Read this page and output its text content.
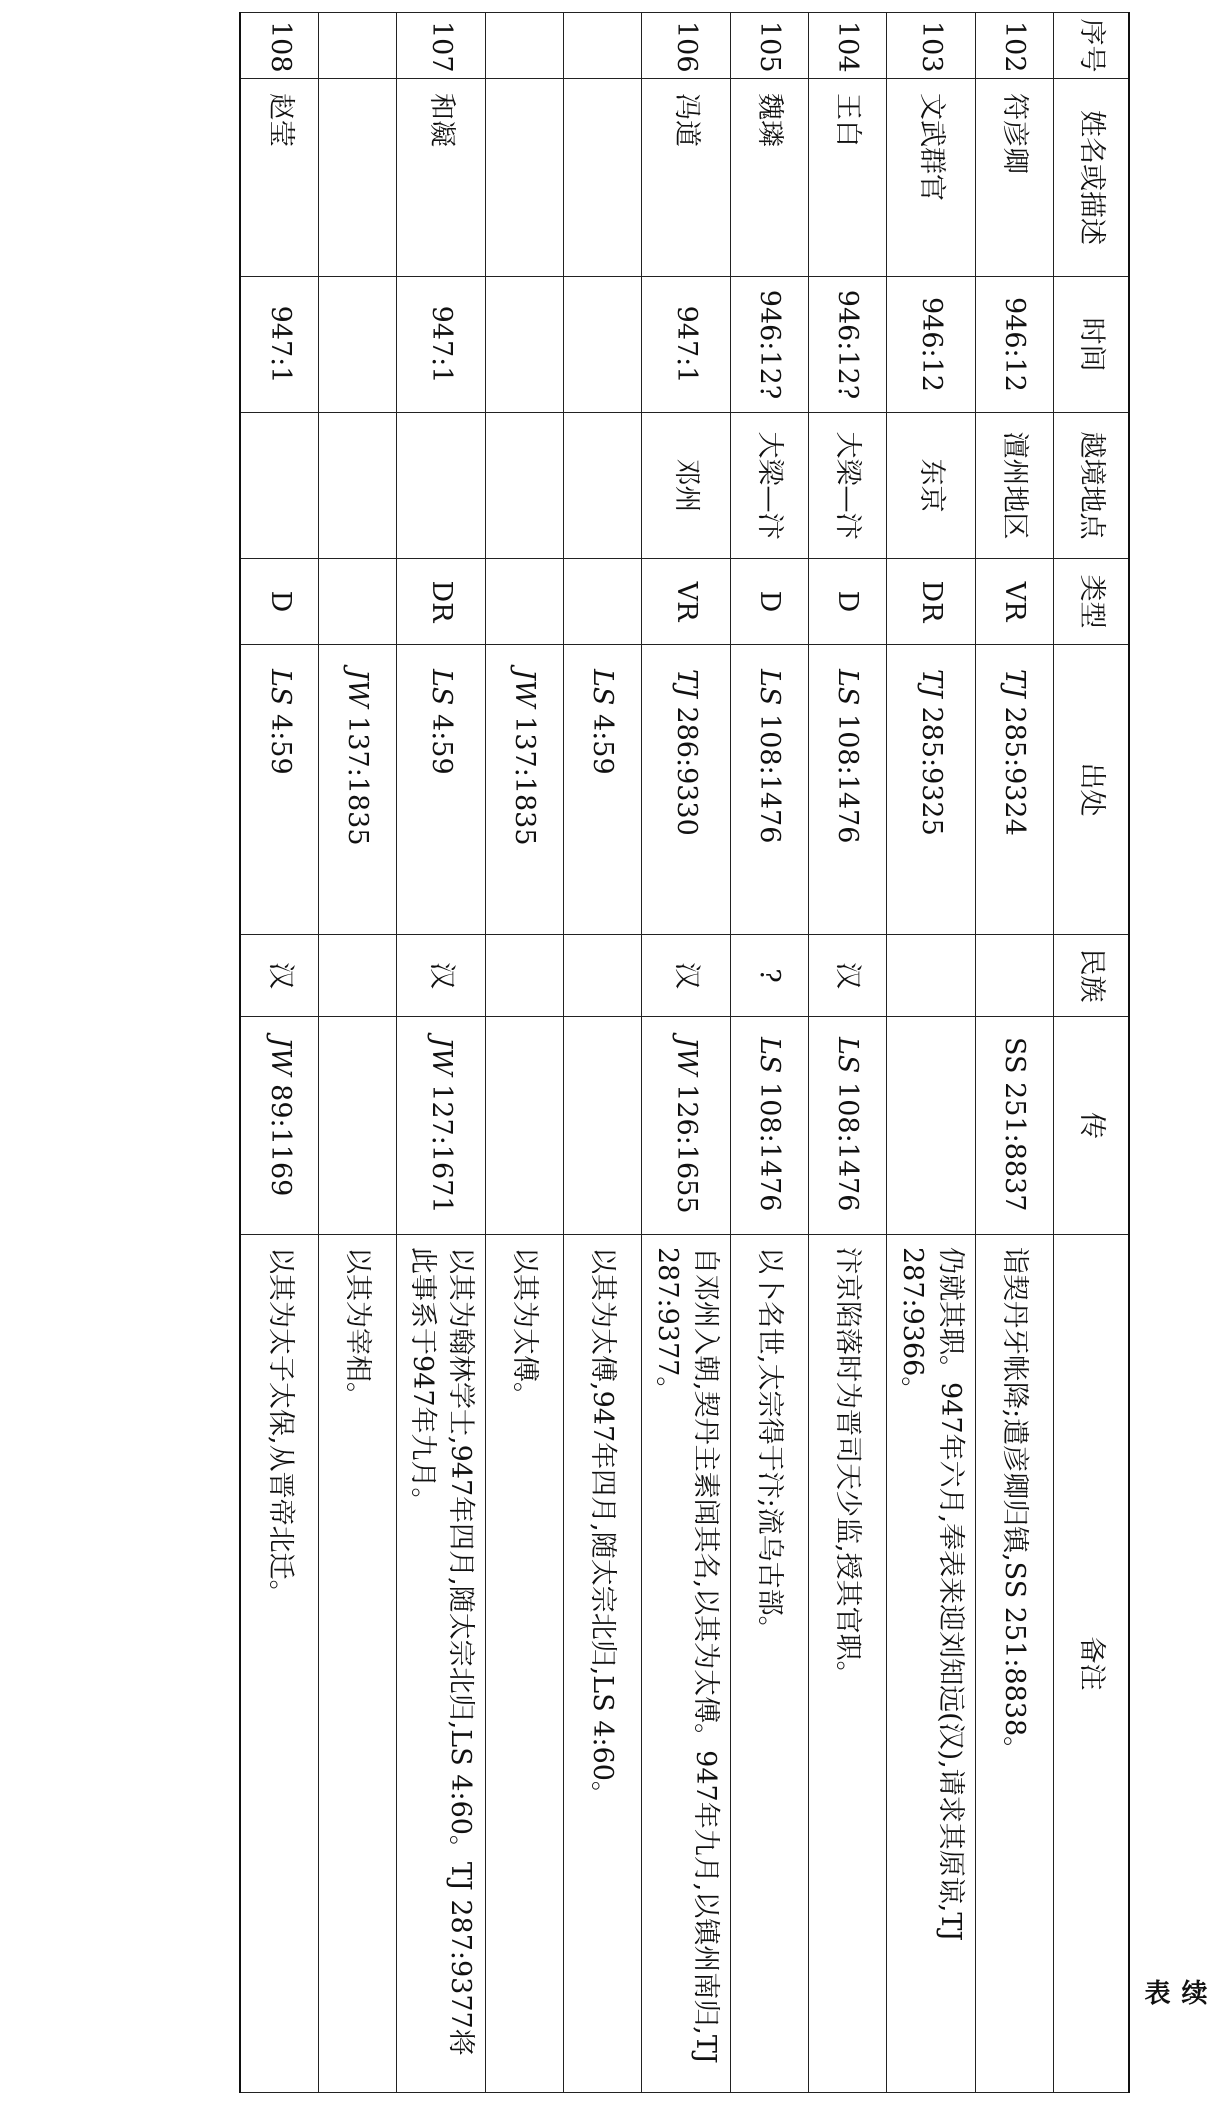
续　表
序号	姓名或描述	时间	越境地点	类型	出处	民族	传	备注
102	符彦卿	946:12	澶州地区	VR	TJ 285:9324		SS 251:8837	诣契丹牙帐降;遣彦卿归镇,SS 251:8838。
103	文武群官	946:12	东京	DR	TJ 285:9325			仍就其职。947年六月,奉表来迎刘知远(汉),请求其原谅,TJ 287:9366。
104	王白	946:12?	大梁—汴	D	LS 108:1476	汉	LS 108:1476	汴京陷落时为晋司天少监,授其官职。
105	魏璘	946:12?	大梁—汴	D	LS 108:1476	?	LS 108:1476	以卜名世,太宗得于汴;流乌古部。
106	冯道	947:1	邓州	VR	TJ 286:9330	汉	JW 126:1655	自邓州入朝,契丹主素闻其名,以其为太傅。947年九月,以镇州南归,TJ 287:9377。
					LS 4:59			以其为太傅,947年四月,随太宗北归,LS 4:60。
					JW 137:1835			以其为太傅。
107	和凝	947:1		DR	LS 4:59	汉	JW 127:1671	以其为翰林学士,947年四月,随太宗北归,LS 4:60。TJ 287:9377将此事系于947年九月。
					JW 137:1835			以其为宰相。
108	赵莹	947:1		D	LS 4:59	汉	JW 89:1169	以其为太子太保,从晋帝北迁。
